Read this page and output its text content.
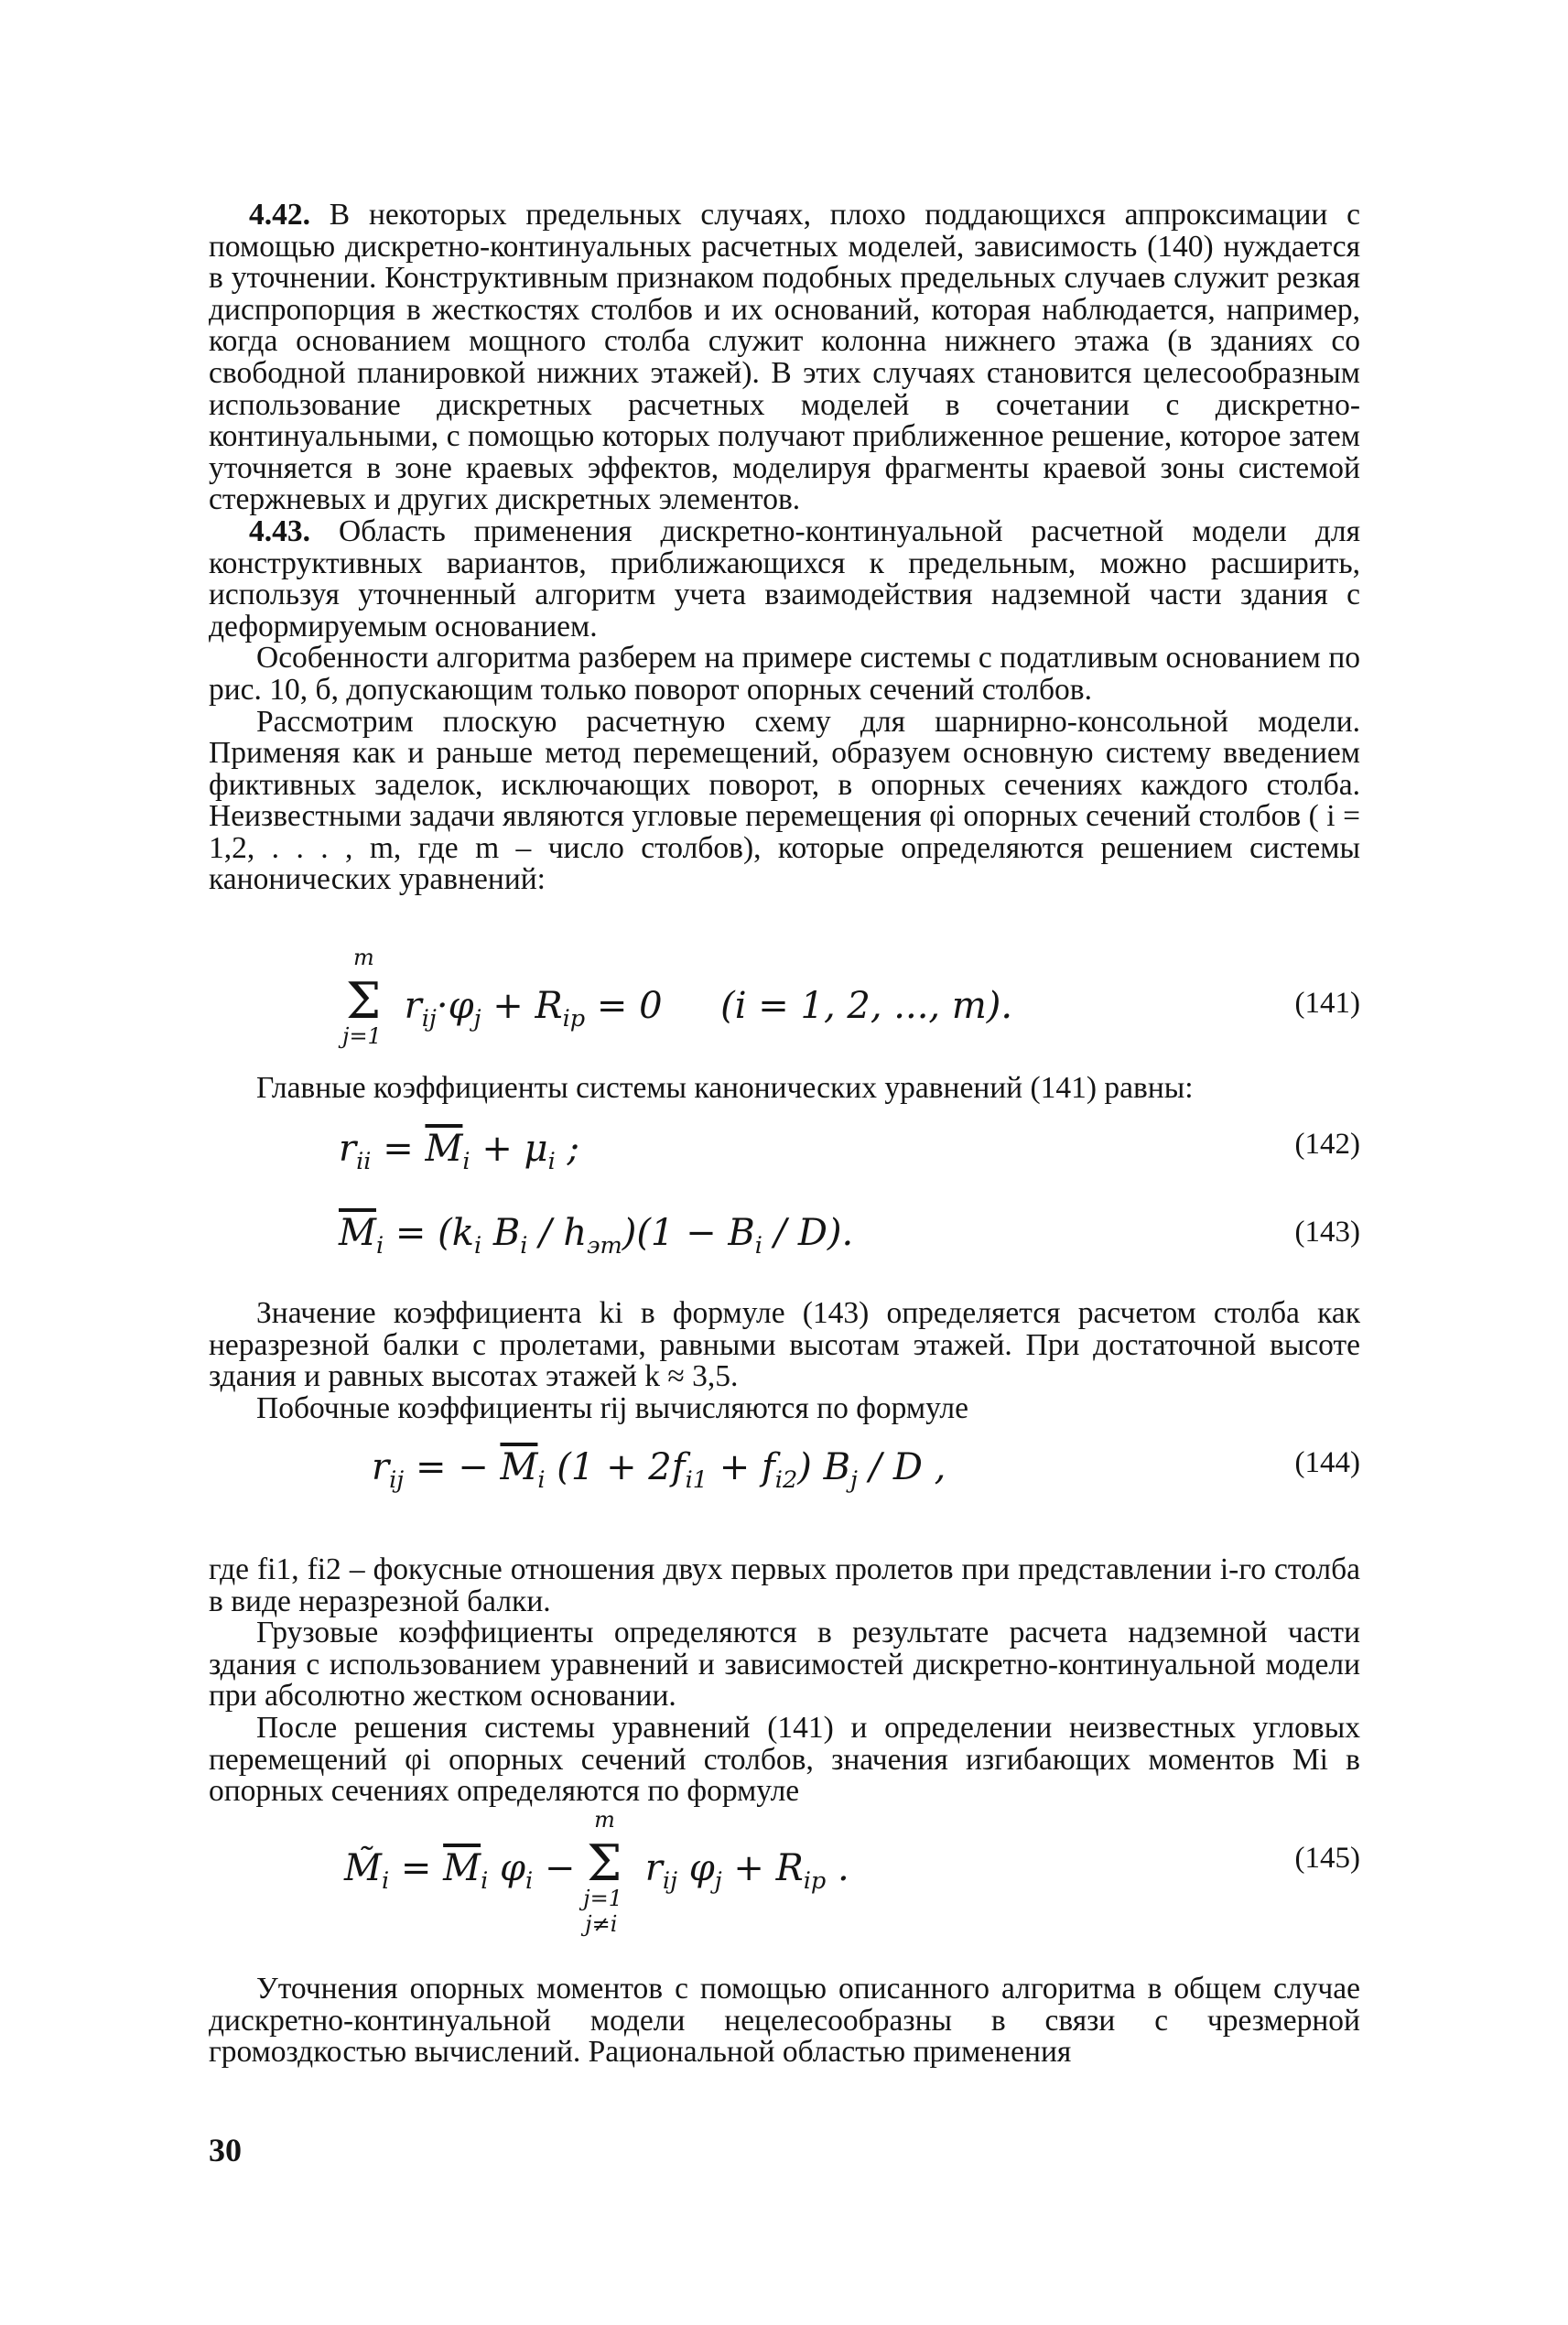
4.42. В некоторых предельных случаях, плохо поддающихся аппроксимации с помощью дискретно-континуальных расчетных моделей, зависимость (140) нуждается в уточнении. Конструктивным признаком подобных предельных случаев служит резкая диспропорция в жесткостях столбов и их оснований, которая наблюдается, например, когда основанием мощного столба служит колонна нижнего этажа (в зданиях со свободной планировкой нижних этажей). В этих случаях становится целесообразным использование дискретных расчетных моделей в сочетании с дискретно-континуальными, с помощью которых получают приближенное решение, которое затем уточняется в зоне краевых эффектов, моделируя фрагменты краевой зоны системой стержневых и других дискретных элементов.

4.43. Область применения дискретно-континуальной расчетной модели для конструктивных вариантов, приближающихся к предельным, можно расширить, используя уточненный алгоритм учета взаимодействия надземной части здания с деформируемым основанием.

Особенности алгоритма разберем на примере системы с податливым основанием по рис. 10, б, допускающим только поворот опорных сечений столбов.

Рассмотрим плоскую расчетную схему для шарнирно-консольной модели. Применяя как и раньше метод перемещений, образуем основную систему введением фиктивных заделок, исключающих поворот, в опорных сечениях каждого столба. Неизвестными задачи являются угловые перемещения φi опорных сечений столбов ( i = 1,2, . . . , m, где m – число столбов), которые определяются решением системы канонических уравнений:

Σ
m
j=1
$r_{ij}\cdot\varphi_j + R_{ip} = 0$     (i = 1, 2, ..., m).	(141)

Главные коэффициенты системы канонических уравнений (141) равны:

$r_{ii} = \overline{M}_i + \mu_i$ ;	(142)
$\overline{M}_i = (k_i$ $B_i / h_{эт})(1 - B_i / D)$.	(143)

Значение коэффициента ki в формуле (143) определяется расчетом столба как неразрезной балки с пролетами, равными высотам этажей. При достаточной высоте здания и равных высотах этажей k ≈ 3,5.

Побочные коэффициенты rij вычисляются по формуле

$r_{ij}$ = − $\overline{M}_i$ $(1 + 2f_{i1} + f_{i2})$ $B_j$ / D ,	(144)

где fi1, fi2 – фокусные отношения двух первых пролетов при представлении i-го столба в виде неразрезной балки.

Грузовые коэффициенты определяются в результате расчета надземной части здания с использованием уравнений и зависимостей дискретно-континуальной модели при абсолютно жестком основании.

После решения системы уравнений (141) и определении неизвестных угловых перемещений φi опорных сечений столбов, значения изгибающих моментов Mi в опорных сечениях определяются по формуле

$M̃_i = \overline{M}_i$ $\varphi_i - \Sigma$
m
j=1
j≠i
$r_{ij}$ $\varphi_j + R_{ip}$ .	(145)

Уточнения опорных моментов с помощью описанного алгоритма в общем случае дискретно-континуальной модели нецелесообразны в связи с чрезмерной громоздкостью вычислений. Рациональной областью применения

30
